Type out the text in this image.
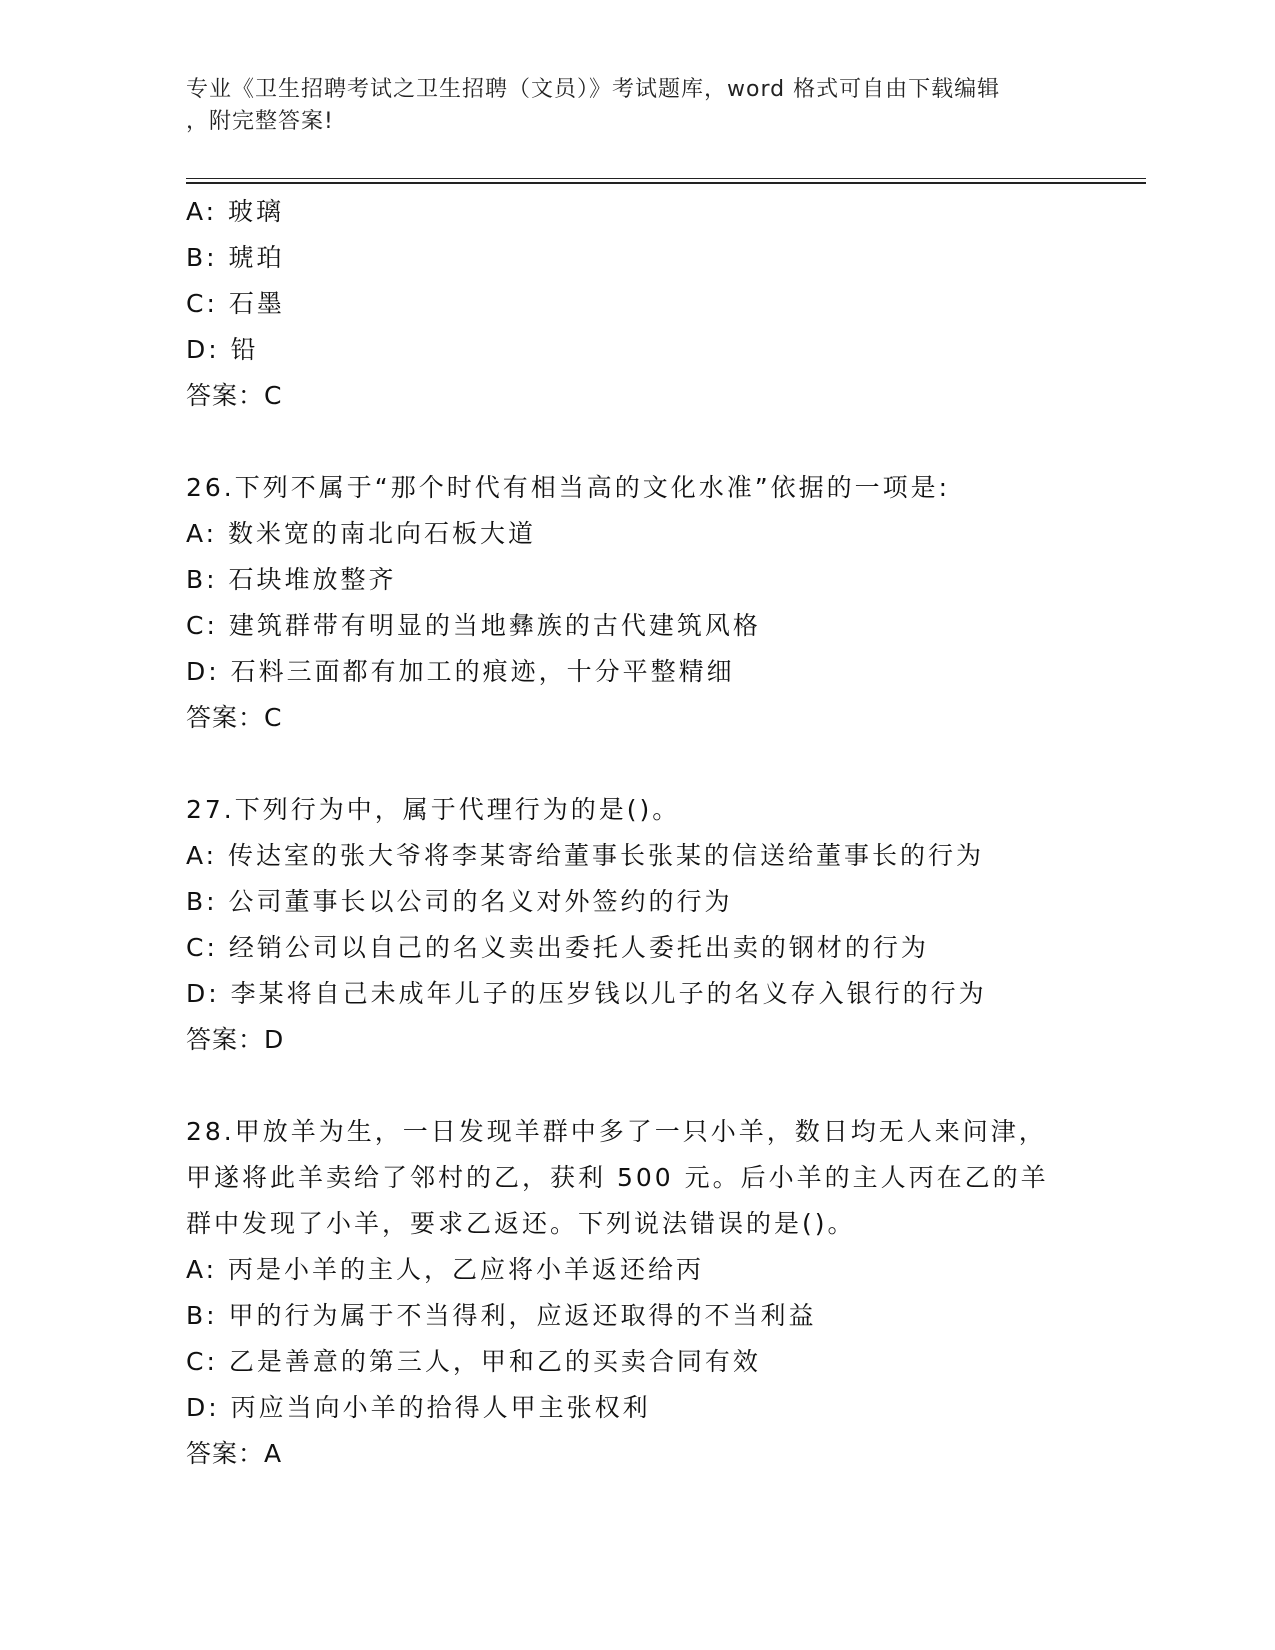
专业《卫生招聘考试之卫生招聘（文员）》考试题库，word 格式可自由下载编辑
，附完整答案!
A: 玻璃
B: 琥珀
C: 石墨
D: 铅
答案：C
26.下列不属于“那个时代有相当高的文化水准”依据的一项是:
A: 数米宽的南北向石板大道
B: 石块堆放整齐
C: 建筑群带有明显的当地彝族的古代建筑风格
D: 石料三面都有加工的痕迹，十分平整精细
答案：C
27.下列行为中，属于代理行为的是()。
A: 传达室的张大爷将李某寄给董事长张某的信送给董事长的行为
B: 公司董事长以公司的名义对外签约的行为
C: 经销公司以自己的名义卖出委托人委托出卖的钢材的行为
D: 李某将自己未成年儿子的压岁钱以儿子的名义存入银行的行为
答案：D
28.甲放羊为生，一日发现羊群中多了一只小羊，数日均无人来问津，
甲遂将此羊卖给了邻村的乙，获利 500 元。后小羊的主人丙在乙的羊
群中发现了小羊，要求乙返还。下列说法错误的是()。
A: 丙是小羊的主人，乙应将小羊返还给丙
B: 甲的行为属于不当得利，应返还取得的不当利益
C: 乙是善意的第三人，甲和乙的买卖合同有效
D: 丙应当向小羊的拾得人甲主张权利
答案：A
